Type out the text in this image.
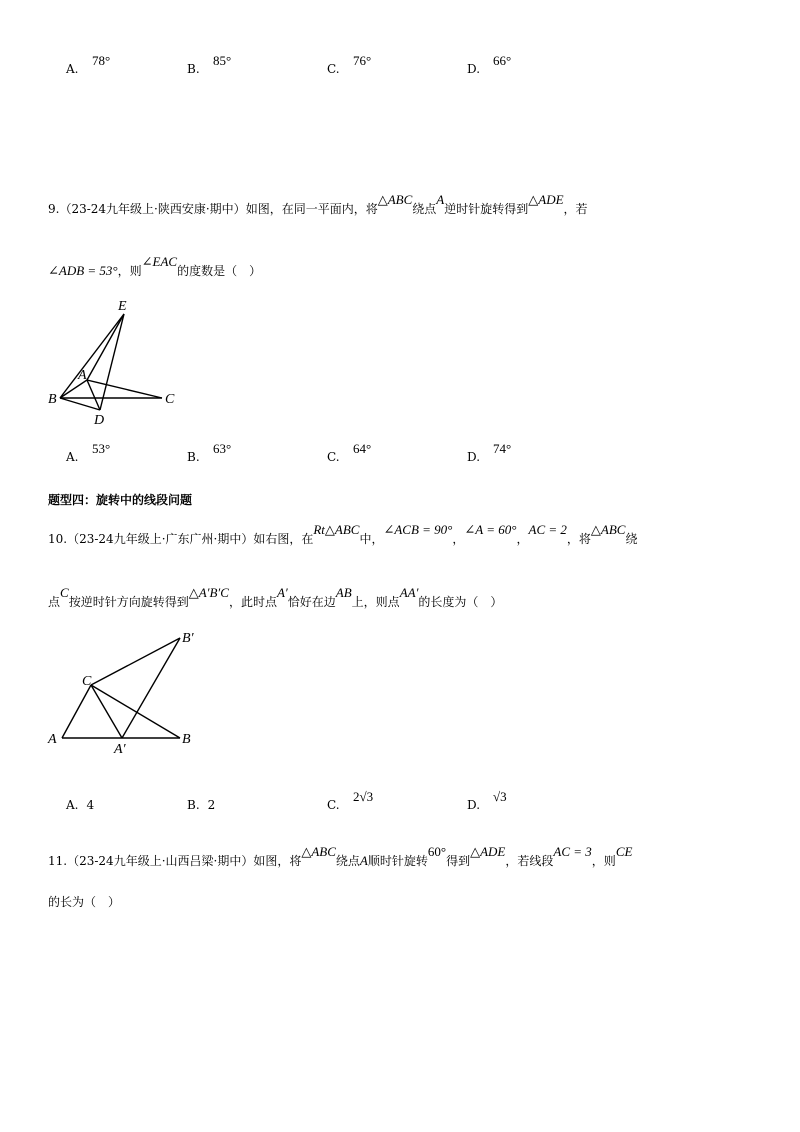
A.
78°
B.
85°
C.
76°
D.
66°
9.（23-24九年级上·陕西安康·期中）如图，在同一平面内，将△ABC绕点A逆时针旋转得到△ADE，若
∠ADB = 53°，则∠EAC的度数是（　）
E
A
B	C
D
A.
53°
B.
63°
C.
64°
D.
74°
题型四：旋转中的线段问题
10.（23-24九年级上·广东广州·期中）如右图，在Rt△ABC中，∠ACB = 90°，∠A = 60°，AC = 2，将△ABC绕
点C按逆时针方向旋转得到△A′B′C，此时点A′恰好在边AB上，则点AA′的长度为（　）
B′
C
A
A′
B
A. 4	B. 2	C.
2√3
D.
√3
11.（23-24九年级上·山西吕梁·期中）如图，将△ABC绕点A顺时针旋转60°得到△ADE，若线段AC = 3，则CE
的长为（　）
